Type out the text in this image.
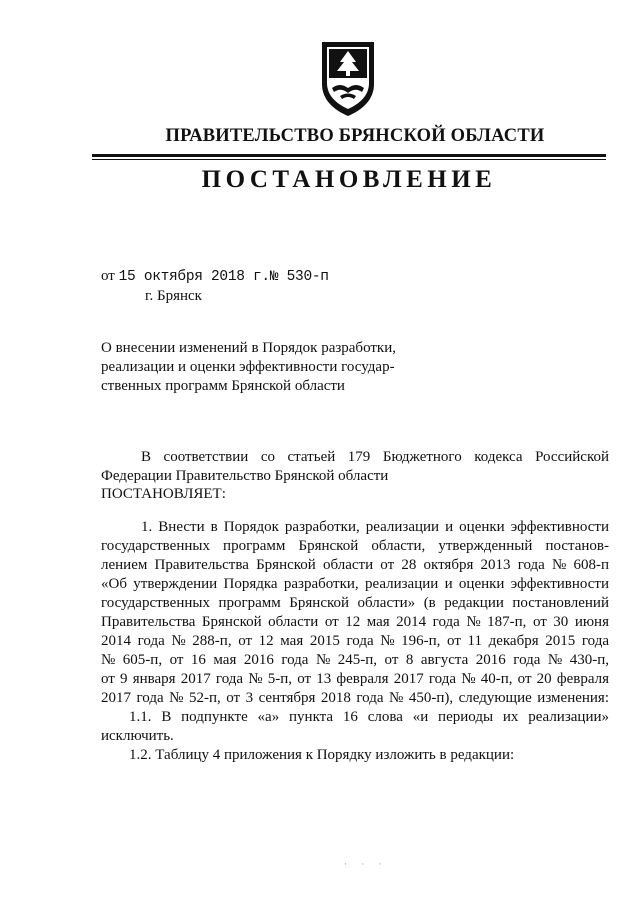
ПРАВИТЕЛЬСТВО БРЯНСКОЙ ОБЛАСТИ
ПОСТАНОВЛЕНИЕ
от 15 октября 2018 г.№ 530-п
г. Брянск
О внесении изменений в Порядок разработки,
реализации и оценки эффективности государ-
ственных программ Брянской области
В соответствии со статьей 179 Бюджетного кодекса Российской
Федерации Правительство Брянской области
ПОСТАНОВЛЯЕТ:
1. Внести в Порядок разработки, реализации и оценки эффективности
государственных программ Брянской области, утвержденный постанов-
лением Правительства Брянской области от 28 октября 2013 года № 608-п
«Об утверждении Порядка разработки, реализации и оценки эффективности
государственных программ Брянской области» (в редакции постановлений
Правительства Брянской области от 12 мая 2014 года № 187-п, от 30 июня
2014 года № 288-п, от 12 мая 2015 года № 196-п, от 11 декабря 2015 года
№ 605-п, от 16 мая 2016 года № 245-п, от 8 августа 2016 года № 430-п,
от 9 января 2017 года № 5-п, от 13 февраля 2017 года № 40-п, от 20 февраля
2017 года № 52-п, от 3 сентября 2018 года № 450-п), следующие изменения:
1.1. В подпункте «а» пункта 16 слова «и периоды их реализации»
исключить.
1.2. Таблицу 4 приложения к Порядку изложить в редакции:
· · ·
